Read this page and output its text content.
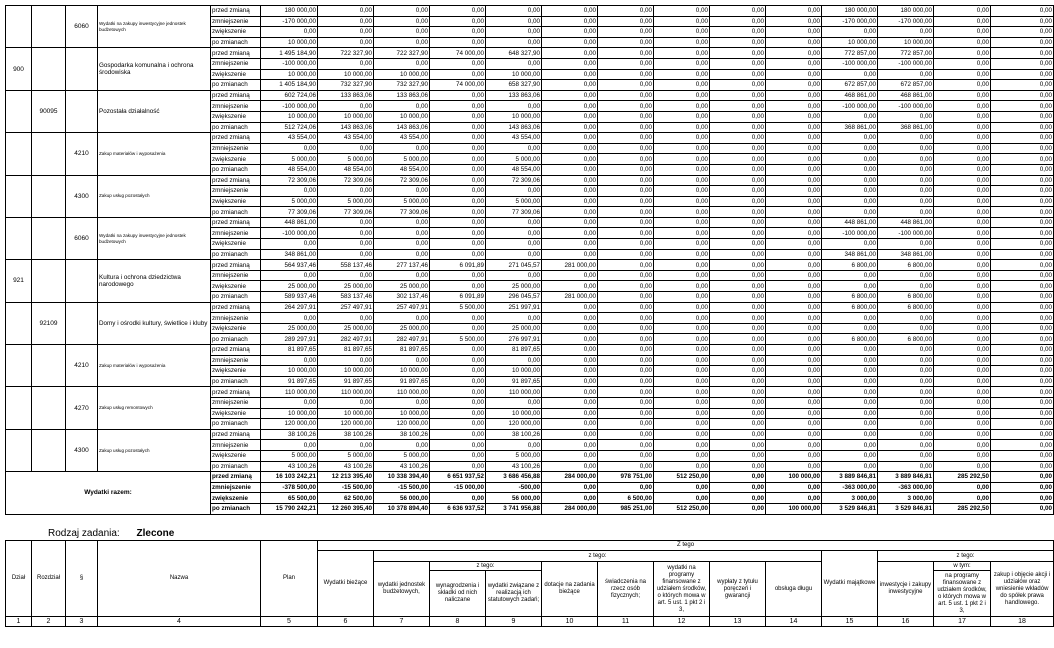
		6060	Wydatki na zakupy inwestycyjne jednostek budżetowych	przed zmianą	180 000,00	0,00	0,00	0,00	0,00	0,00	0,00	0,00	0,00	0,00	180 000,00	180 000,00	0,00	0,00
				zmniejszenie	-170 000,00	0,00	0,00	0,00	0,00	0,00	0,00	0,00	0,00	0,00	-170 000,00	-170 000,00	0,00	0,00
				zwiększenie	0,00	0,00	0,00	0,00	0,00	0,00	0,00	0,00	0,00	0,00	0,00	0,00	0,00	0,00
				po zmianach	10 000,00	0,00	0,00	0,00	0,00	0,00	0,00	0,00	0,00	0,00	10 000,00	10 000,00	0,00	0,00
900			Gospodarka komunalna i ochrona środowiska	przed zmianą	1 495 184,90	722 327,90	722 327,90	74 000,00	648 327,90	0,00	0,00	0,00	0,00	0,00	772 857,00	772 857,00	0,00	0,00
				zmniejszenie	-100 000,00	0,00	0,00	0,00	0,00	0,00	0,00	0,00	0,00	0,00	-100 000,00	-100 000,00	0,00	0,00
				zwiększenie	10 000,00	10 000,00	10 000,00	0,00	10 000,00	0,00	0,00	0,00	0,00	0,00	0,00	0,00	0,00	0,00
				po zmianach	1 405 184,90	732 327,90	732 327,90	74 000,00	658 327,90	0,00	0,00	0,00	0,00	0,00	672 857,00	672 857,00	0,00	0,00
	90095		Pozostała działalność	przed zmianą	602 724,06	133 863,06	133 863,06	0,00	133 863,06	0,00	0,00	0,00	0,00	0,00	468 861,00	468 861,00	0,00	0,00
				zmniejszenie	-100 000,00	0,00	0,00	0,00	0,00	0,00	0,00	0,00	0,00	0,00	-100 000,00	-100 000,00	0,00	0,00
				zwiększenie	10 000,00	10 000,00	10 000,00	0,00	10 000,00	0,00	0,00	0,00	0,00	0,00	0,00	0,00	0,00	0,00
				po zmianach	512 724,06	143 863,06	143 863,06	0,00	143 863,06	0,00	0,00	0,00	0,00	0,00	368 861,00	368 861,00	0,00	0,00
		4210	Zakup materiałów i wyposażenia	przed zmianą	43 554,00	43 554,00	43 554,00	0,00	43 554,00	0,00	0,00	0,00	0,00	0,00	0,00	0,00	0,00	0,00
				zmniejszenie	0,00	0,00	0,00	0,00	0,00	0,00	0,00	0,00	0,00	0,00	0,00	0,00	0,00	0,00
				zwiększenie	5 000,00	5 000,00	5 000,00	0,00	5 000,00	0,00	0,00	0,00	0,00	0,00	0,00	0,00	0,00	0,00
				po zmianach	48 554,00	48 554,00	48 554,00	0,00	48 554,00	0,00	0,00	0,00	0,00	0,00	0,00	0,00	0,00	0,00
		4300	Zakup usług pozostałych	przed zmianą	72 309,06	72 309,06	72 309,06	0,00	72 309,06	0,00	0,00	0,00	0,00	0,00	0,00	0,00	0,00	0,00
				zmniejszenie	0,00	0,00	0,00	0,00	0,00	0,00	0,00	0,00	0,00	0,00	0,00	0,00	0,00	0,00
				zwiększenie	5 000,00	5 000,00	5 000,00	0,00	5 000,00	0,00	0,00	0,00	0,00	0,00	0,00	0,00	0,00	0,00
				po zmianach	77 309,06	77 309,06	77 309,06	0,00	77 309,06	0,00	0,00	0,00	0,00	0,00	0,00	0,00	0,00	0,00
		6060	Wydatki na zakupy inwestycyjne jednostek budżetowych	przed zmianą	448 861,00	0,00	0,00	0,00	0,00	0,00	0,00	0,00	0,00	0,00	448 861,00	448 861,00	0,00	0,00
				zmniejszenie	-100 000,00	0,00	0,00	0,00	0,00	0,00	0,00	0,00	0,00	0,00	-100 000,00	-100 000,00	0,00	0,00
				zwiększenie	0,00	0,00	0,00	0,00	0,00	0,00	0,00	0,00	0,00	0,00	0,00	0,00	0,00	0,00
				po zmianach	348 861,00	0,00	0,00	0,00	0,00	0,00	0,00	0,00	0,00	0,00	348 861,00	348 861,00	0,00	0,00
921			Kultura i ochrona dziedzictwa narodowego	przed zmianą	564 937,46	558 137,46	277 137,46	6 091,89	271 045,57	281 000,00	0,00	0,00	0,00	0,00	6 800,00	6 800,00	0,00	0,00
				zmniejszenie	0,00	0,00	0,00	0,00	0,00	0,00	0,00	0,00	0,00	0,00	0,00	0,00	0,00	0,00
				zwiększenie	25 000,00	25 000,00	25 000,00	0,00	25 000,00	0,00	0,00	0,00	0,00	0,00	0,00	0,00	0,00	0,00
				po zmianach	589 937,46	583 137,46	302 137,46	6 091,89	296 045,57	281 000,00	0,00	0,00	0,00	0,00	6 800,00	6 800,00	0,00	0,00
	92109		Domy i ośrodki kultury, świetlice i kluby	przed zmianą	264 297,91	257 497,91	257 497,91	5 500,00	251 997,91	0,00	0,00	0,00	0,00	0,00	6 800,00	6 800,00	0,00	0,00
				zmniejszenie	0,00	0,00	0,00	0,00	0,00	0,00	0,00	0,00	0,00	0,00	0,00	0,00	0,00	0,00
				zwiększenie	25 000,00	25 000,00	25 000,00	0,00	25 000,00	0,00	0,00	0,00	0,00	0,00	0,00	0,00	0,00	0,00
				po zmianach	289 297,91	282 497,91	282 497,91	5 500,00	276 997,91	0,00	0,00	0,00	0,00	0,00	6 800,00	6 800,00	0,00	0,00
		4210	Zakup materiałów i wyposażenia	przed zmianą	81 897,65	81 897,65	81 897,65	0,00	81 897,65	0,00	0,00	0,00	0,00	0,00	0,00	0,00	0,00	0,00
				zmniejszenie	0,00	0,00	0,00	0,00	0,00	0,00	0,00	0,00	0,00	0,00	0,00	0,00	0,00	0,00
				zwiększenie	10 000,00	10 000,00	10 000,00	0,00	10 000,00	0,00	0,00	0,00	0,00	0,00	0,00	0,00	0,00	0,00
				po zmianach	91 897,65	91 897,65	91 897,65	0,00	91 897,65	0,00	0,00	0,00	0,00	0,00	0,00	0,00	0,00	0,00
		4270	Zakup usług remontowych	przed zmianą	110 000,00	110 000,00	110 000,00	0,00	110 000,00	0,00	0,00	0,00	0,00	0,00	0,00	0,00	0,00	0,00
				zmniejszenie	0,00	0,00	0,00	0,00	0,00	0,00	0,00	0,00	0,00	0,00	0,00	0,00	0,00	0,00
				zwiększenie	10 000,00	10 000,00	10 000,00	0,00	10 000,00	0,00	0,00	0,00	0,00	0,00	0,00	0,00	0,00	0,00
				po zmianach	120 000,00	120 000,00	120 000,00	0,00	120 000,00	0,00	0,00	0,00	0,00	0,00	0,00	0,00	0,00	0,00
		4300	Zakup usług pozostałych	przed zmianą	38 100,26	38 100,26	38 100,26	0,00	38 100,26	0,00	0,00	0,00	0,00	0,00	0,00	0,00	0,00	0,00
				zmniejszenie	0,00	0,00	0,00	0,00	0,00	0,00	0,00	0,00	0,00	0,00	0,00	0,00	0,00	0,00
				zwiększenie	5 000,00	5 000,00	5 000,00	0,00	5 000,00	0,00	0,00	0,00	0,00	0,00	0,00	0,00	0,00	0,00
				po zmianach	43 100,26	43 100,26	43 100,26	0,00	43 100,26	0,00	0,00	0,00	0,00	0,00	0,00	0,00	0,00	0,00
Wydatki razem:				przed zmianą	16 103 242,21	12 213 395,40	10 338 394,40	6 651 937,52	3 686 456,88	284 000,00	978 751,00	512 250,00	0,00	100 000,00	3 889 846,81	3 889 846,81	285 292,50	0,00
				zmniejszenie	-378 500,00	-15 500,00	-15 500,00	-15 000,00	-500,00	0,00	0,00	0,00	0,00	0,00	-363 000,00	-363 000,00	0,00	0,00
				zwiększenie	65 500,00	62 500,00	56 000,00	0,00	56 000,00	0,00	6 500,00	0,00	0,00	0,00	3 000,00	3 000,00	0,00	0,00
				po zmianach	15 790 242,21	12 260 395,40	10 378 894,40	6 636 937,52	3 741 956,88	284 000,00	985 251,00	512 250,00	0,00	100 000,00	3 529 846,81	3 529 846,81	285 292,50	0,00
Rodzaj zadania: Zlecone
Dział	Rozdział	§	Nazwa	Plan	Z tego												
					Wydatki bieżące	z tego:								Wydatki majątkowe	z tego:		
						wydatki jednostek budżetowych,	z tego:		dotacje na zadania bieżące	świadczenia na rzecz osób fizycznych;	wydatki na programy finansowane z udziałem środków, o których mowa w art. 5 ust. 1 pkt 2 i 3,	wypłaty z tytułu poręczeń i gwarancji	obsługa długu		inwestycje i zakupy inwestycyjne	w tym:	zakup i objęcie akcji i udziałów oraz wniesienie wkładów do spółek prawa handlowego.
							wynagrodzenia i składki od nich naliczane	wydatki związane z realizacją ich statutowych zadań;								na programy finansowane z udziałem środków, o których mowa w art. 5 ust. 1 pkt 2 i 3,	

1	2	3	4	5	6	7	8	9	10	11	12	13	14	15	16	17	18
